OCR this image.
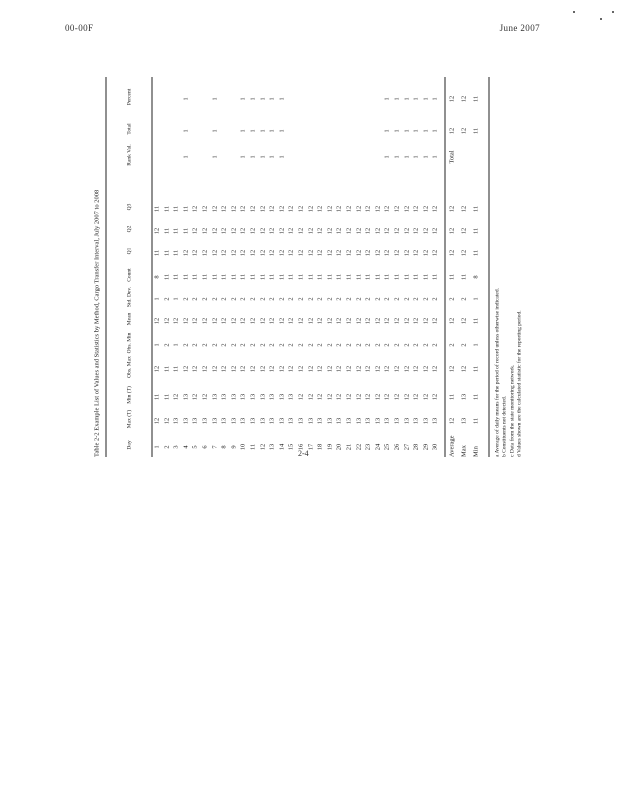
00-00F	June 2007
Table 2-2 Example List of Values and Statistics by Method, Cargo Transfer Interval, July 2007 to 2008	Day
Max (T)
Min (T)
Obs. Max
Obs. Min
Mean
Std. Dev.
Count
Q1
Q2
Q3
Rank Val.
Total
Percent
1
12
11
12
1
12
1
8
11
12
11
2
12
11
11
2
12
2
11
11
11
11
3
13
12
11
1
12
1
11
11
11
11
4
13
13
12
2
12
2
11
12
11
11
1
1
1
5
13
12
12
2
12
2
11
12
12
12
6
13
12
12
2
12
2
11
12
12
12
7
13
13
12
2
12
2
11
12
12
12
1
1
1
8
13
13
12
2
12
2
11
12
12
12
9
13
13
12
2
12
2
11
12
12
12
10
13
13
12
2
12
2
11
12
12
12
1
1
1
11
13
13
12
2
12
2
11
12
12
12
1
1
1
12
13
13
12
2
12
2
11
12
12
12
1
1
1
13
13
13
12
2
12
2
11
12
12
12
1
1
1
14
13
13
12
2
12
2
11
12
12
12
1
1
1
15
13
13
12
2
12
2
11
12
12
12
16
13
12
12
2
12
2
11
12
12
12
17
13
12
12
2
12
2
11
12
12
12
18
13
12
12
2
12
2
11
12
12
12
19
13
12
12
2
12
2
11
12
12
12
20
13
12
12
2
12
2
11
12
12
12
21
13
12
12
2
12
2
11
12
12
12
22
13
12
12
2
12
2
11
12
12
12
23
13
12
12
2
12
2
11
12
12
12
24
13
12
12
2
12
2
11
12
12
12
25
13
12
12
2
12
2
11
12
12
12
1
1
1
26
13
12
12
2
12
2
11
12
12
12
1
1
1
27
13
12
12
2
12
2
11
12
12
12
1
1
1
28
13
12
12
2
12
2
11
12
12
12
1
1
1
29
13
12
12
2
12
2
11
12
12
12
1
1
1
30
13
12
12
2
12
2
11
12
12
12
1
1
1
Average
12
11
12
2
12
2
11
12
12
12
Total
12
12
Max
13
13
12
2
12
2
11
12
12
12
12
12
Min
11
11
11
1
11
1
8
11
11
11
11
11
a Average of daily means for the period of record unless otherwise indicated. b Constituents not detected. c Data from the state monitoring network. d Values shown are the calculated statistic for the reporting period.
2-4
